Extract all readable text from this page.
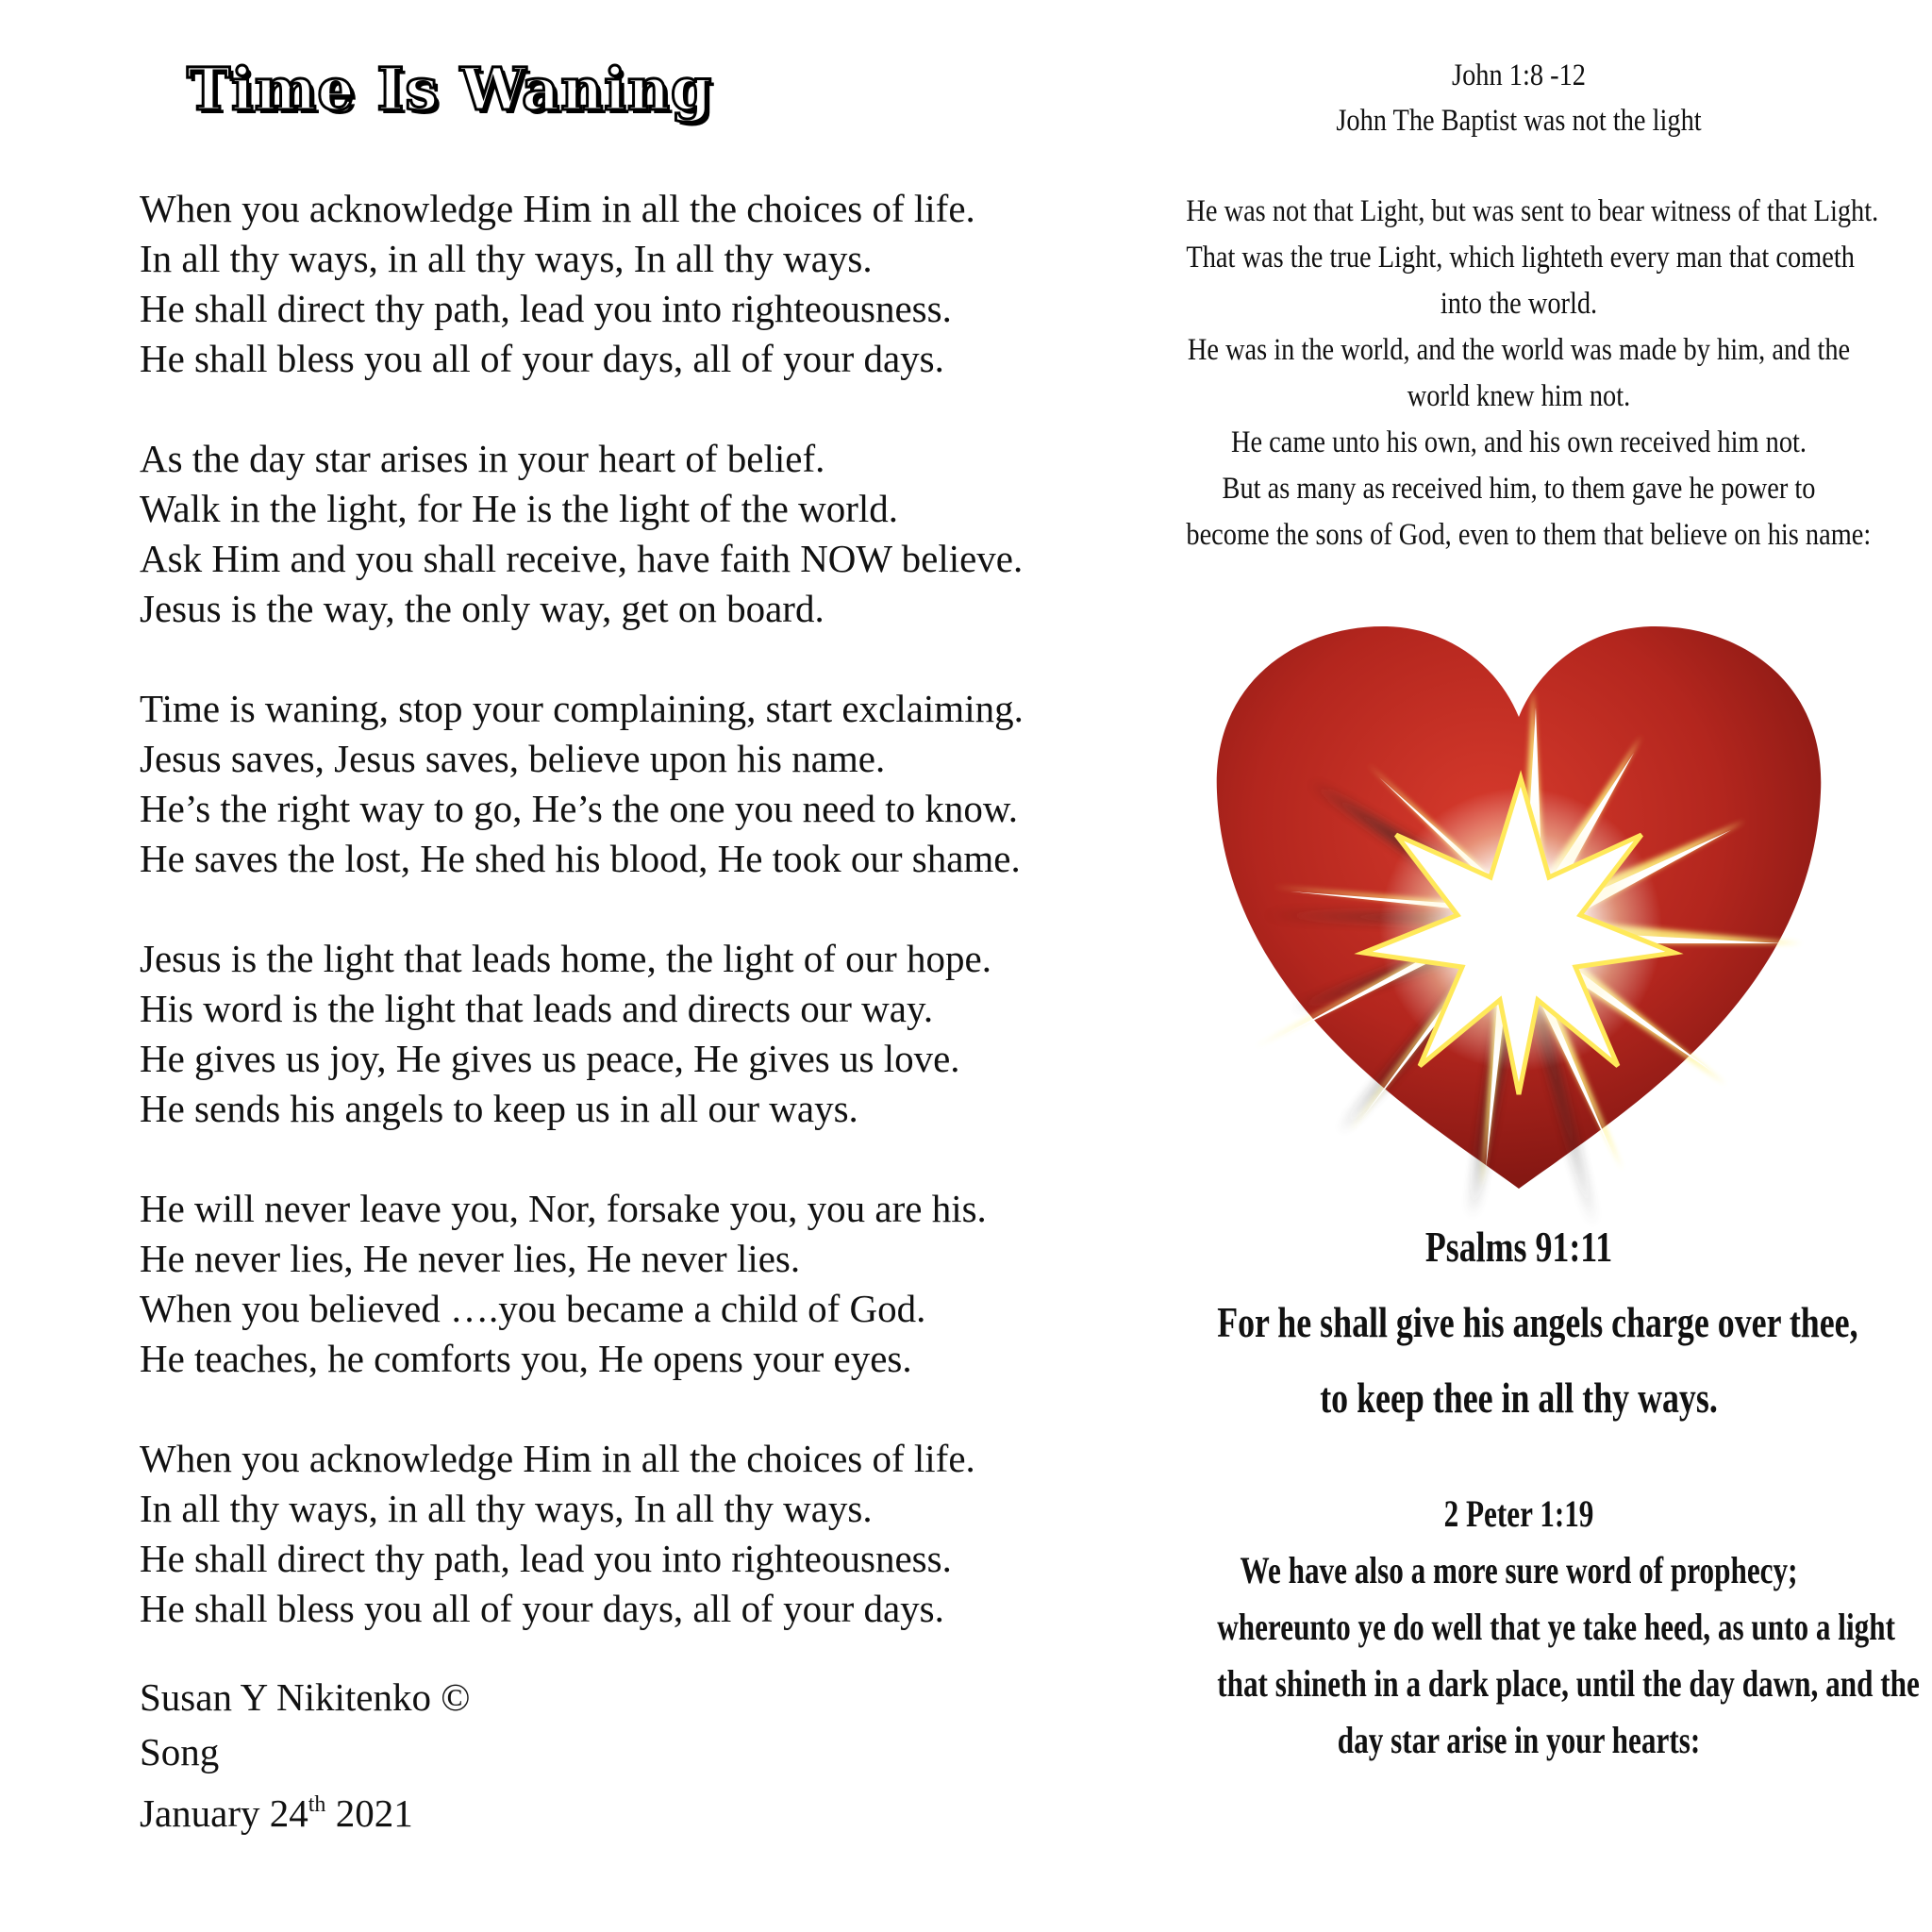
Time Is Waning
When you acknowledge Him in all the choices of life.
In all thy ways, in all thy ways, In all thy ways.
He shall direct thy path, lead you into righteousness.
He shall bless you all of your days, all of your days.
As the day star arises in your heart of belief.
Walk in the light, for He is the light of the world.
Ask Him and you shall receive, have faith NOW believe.
Jesus is the way, the only way, get on board.
Time is waning, stop your complaining, start exclaiming.
Jesus saves, Jesus saves, believe upon his name.
He’s the right way to go, He’s the one you need to know.
He saves the lost, He shed his blood, He took our shame.
Jesus is the light that leads home, the light of our hope.
His word is the light that leads and directs our way.
He gives us joy, He gives us peace, He gives us love.
He sends his angels to keep us in all our ways.
He will never leave you, Nor, forsake you, you are his.
He never lies, He never lies, He never lies.
When you believed ….you became a child of God.
He teaches, he comforts you, He opens your eyes.
When you acknowledge Him in all the choices of life.
In all thy ways, in all thy ways, In all thy ways.
He shall direct thy path, lead you into righteousness.
He shall bless you all of your days, all of your days.
Susan Y Nikitenko ©
Song
January 24th 2021
John 1:8 -12
John The Baptist was not the light
He was not that Light, but was sent to bear witness of that Light.
That was the true Light, which lighteth every man that cometh
into the world.
He was in the world, and the world was made by him, and the
world knew him not.
He came unto his own, and his own received him not.
But as many as received him, to them gave he power to
become the sons of God, even to them that believe on his name:
Psalms 91:11
For he shall give his angels charge over thee,
to keep thee in all thy ways.
2 Peter 1:19
We have also a more sure word of prophecy;
whereunto ye do well that ye take heed, as unto a light
that shineth in a dark place, until the day dawn, and the
day star arise in your hearts:
